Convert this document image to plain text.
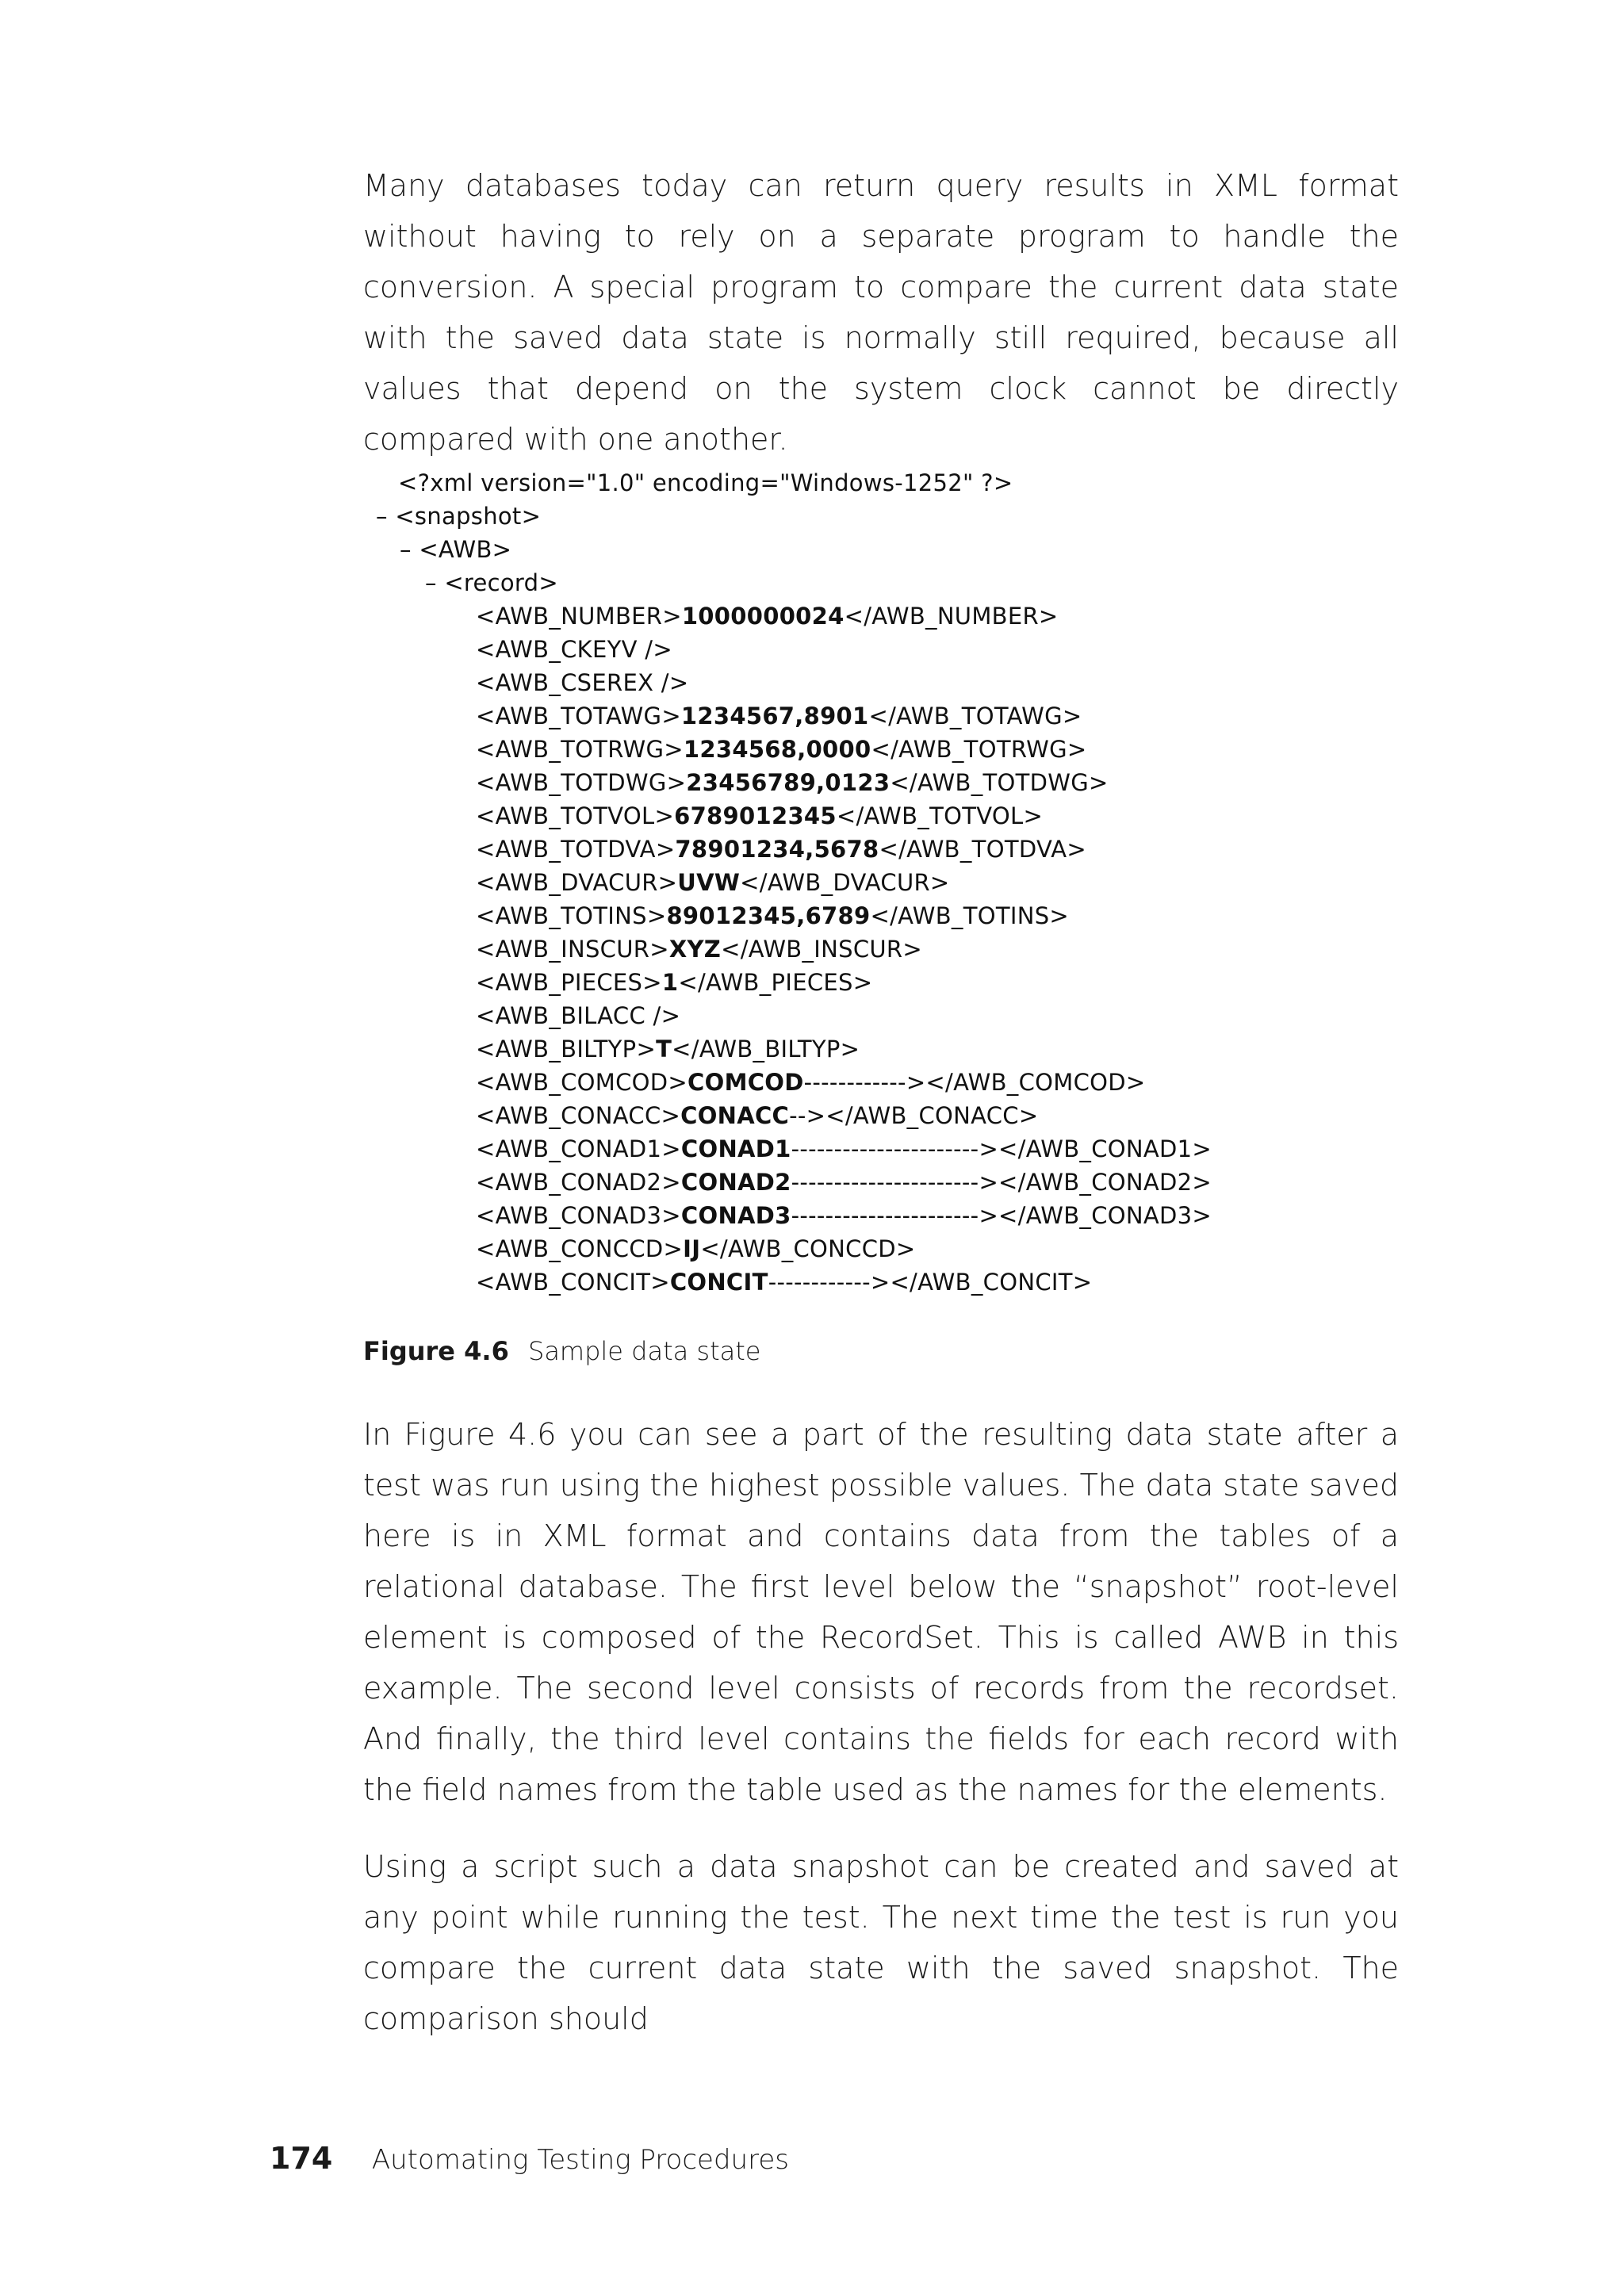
Many databases today can return query results in XML format without having to rely on a separate program to handle the conversion. A special program to compare the current data state with the saved data state is normally still required, because all values that depend on the system clock cannot be directly compared with one another.

<?xml version="1.0" encoding="Windows-1252" ?>
– <snapshot>
– <AWB>
– <record>
<AWB_NUMBER>1000000024</AWB_NUMBER>
<AWB_CKEYV />
<AWB_CSEREX />
<AWB_TOTAWG>1234567,8901</AWB_TOTAWG>
<AWB_TOTRWG>1234568,0000</AWB_TOTRWG>
<AWB_TOTDWG>23456789,0123</AWB_TOTDWG>
<AWB_TOTVOL>6789012345</AWB_TOTVOL>
<AWB_TOTDVA>78901234,5678</AWB_TOTDVA>
<AWB_DVACUR>UVW</AWB_DVACUR>
<AWB_TOTINS>89012345,6789</AWB_TOTINS>
<AWB_INSCUR>XYZ</AWB_INSCUR>
<AWB_PIECES>1</AWB_PIECES>
<AWB_BILACC />
<AWB_BILTYP>T</AWB_BILTYP>
<AWB_COMCOD>COMCOD------------></AWB_COMCOD>
<AWB_CONACC>CONACC--></AWB_CONACC>
<AWB_CONAD1>CONAD1----------------------></AWB_CONAD1>
<AWB_CONAD2>CONAD2----------------------></AWB_CONAD2>
<AWB_CONAD3>CONAD3----------------------></AWB_CONAD3>
<AWB_CONCCD>IJ</AWB_CONCCD>
<AWB_CONCIT>CONCIT------------></AWB_CONCIT>

Figure 4.6 Sample data state

In Figure 4.6 you can see a part of the resulting data state after a test was run using the highest possible values. The data state saved here is in XML format and contains data from the tables of a relational database. The first level below the “snapshot” root-level element is composed of the RecordSet. This is called AWB in this example. The second level consists of records from the recordset. And finally, the third level contains the fields for each record with the field names from the table used as the names for the elements.

Using a script such a data snapshot can be created and saved at any point while running the test. The next time the test is run you compare the current data state with the saved snapshot. The comparison should

174 Automating Testing Procedures
